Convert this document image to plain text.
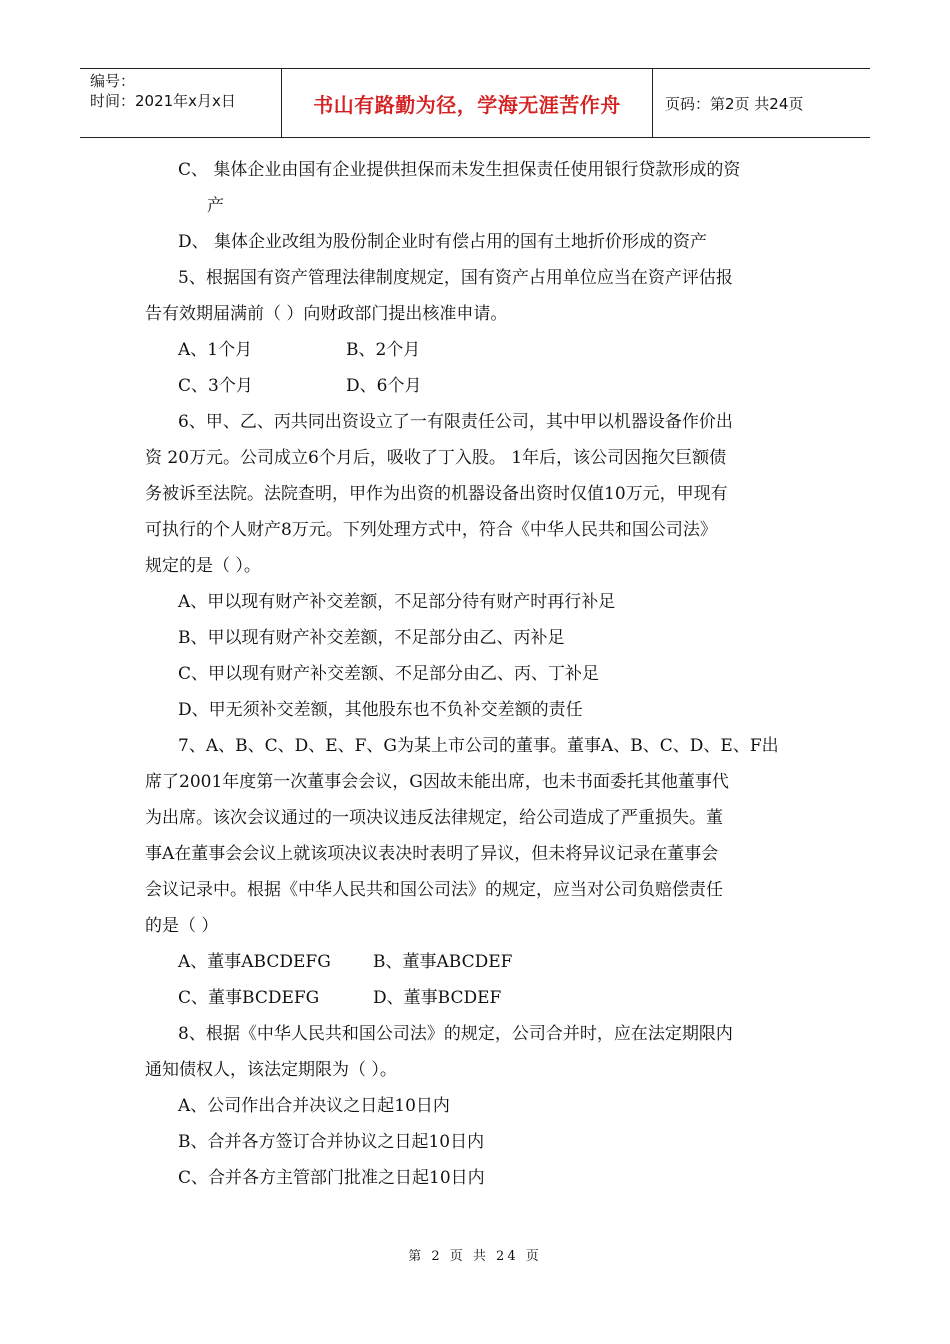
编号：
时间：2021年x月x日	书山有路勤为径，学海无涯苦作舟	页码：第2页 共24页
C、 集体企业由国有企业提供担保而未发生担保责任使用银行贷款形成的资
产
D、 集体企业改组为股份制企业时有偿占用的国有土地折价形成的资产
5、根据国有资产管理法律制度规定，国有资产占用单位应当在资产评估报
告有效期届满前（ ）向财政部门提出核准申请。
A、1个月	B、2个月
C、3个月	D、6个月
6、甲、乙、丙共同出资设立了一有限责任公司，其中甲以机器设备作价出
资 20万元。公司成立6个月后，吸收了丁入股。 1年后，该公司因拖欠巨额债
务被诉至法院。法院查明，甲作为出资的机器设备出资时仅值10万元，甲现有
可执行的个人财产8万元。下列处理方式中，符合《中华人民共和国公司法》
规定的是（ ）。
A、甲以现有财产补交差额，不足部分待有财产时再行补足
B、甲以现有财产补交差额，不足部分由乙、丙补足
C、甲以现有财产补交差额、不足部分由乙、丙、丁补足
D、甲无须补交差额，其他股东也不负补交差额的责任
7、A、B、C、D、E、F、G为某上市公司的董事。董事A、B、C、D、E、F出
席了2001年度第一次董事会会议，G因故未能出席，也未书面委托其他董事代
为出席。该次会议通过的一项决议违反法律规定，给公司造成了严重损失。董
事A在董事会会议上就该项决议表决时表明了异议，但未将异议记录在董事会
会议记录中。根据《中华人民共和国公司法》的规定，应当对公司负赔偿责任
的是（ ）
A、董事ABCDEFG B、董事ABCDEF
C、董事BCDEFG	D、董事BCDEF
8、根据《中华人民共和国公司法》的规定，公司合并时，应在法定期限内
通知债权人，该法定期限为（ ）。
A、公司作出合并决议之日起10日内
B、合并各方签订合并协议之日起10日内
C、合并各方主管部门批准之日起10日内
第 2 页 共 24 页
